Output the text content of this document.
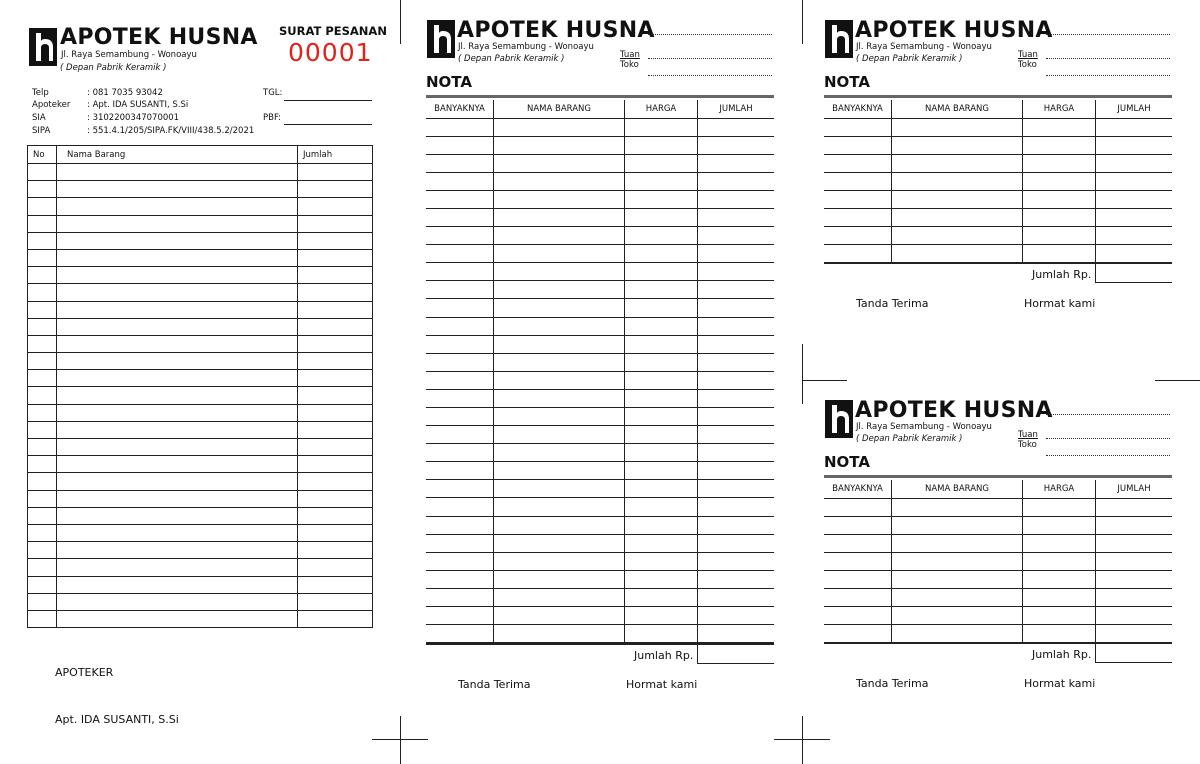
APOTEK HUSNA
Jl. Raya Semambung - Wonoayu
( Depan Pabrik Keramik )
SURAT PESANAN
00001
Telp	: 081 7035 93042
Apoteker : Apt. IDA SUSANTI, S.Si
SIA	: 3102200347070001
SIPA	: 551.4.1/205/SIPA.FK/VIII/438.5.2/2021
TGL:
PBF:
No	Nama Barang	Jumlah

APOTEKER
Apt. IDA SUSANTI, S.Si
APOTEK HUSNA
Jl. Raya Semambung - Wonoayu
( Depan Pabrik Keramik )	Tuan
Toko
NOTA
BANYAKNYA	NAMA BARANG	HARGA	JUMLAH

Jumlah Rp.
Tanda Terima	Hormat kami
APOTEK HUSNA
Jl. Raya Semambung - Wonoayu
( Depan Pabrik Keramik )	Tuan
Toko
NOTA
BANYAKNYA	NAMA BARANG	HARGA	JUMLAH

Jumlah Rp.
Tanda Terima	Hormat kami
APOTEK HUSNA
Jl. Raya Semambung - Wonoayu
( Depan Pabrik Keramik )	Tuan
Toko
NOTA
BANYAKNYA	NAMA BARANG	HARGA	JUMLAH

Jumlah Rp.
Tanda Terima	Hormat kami
